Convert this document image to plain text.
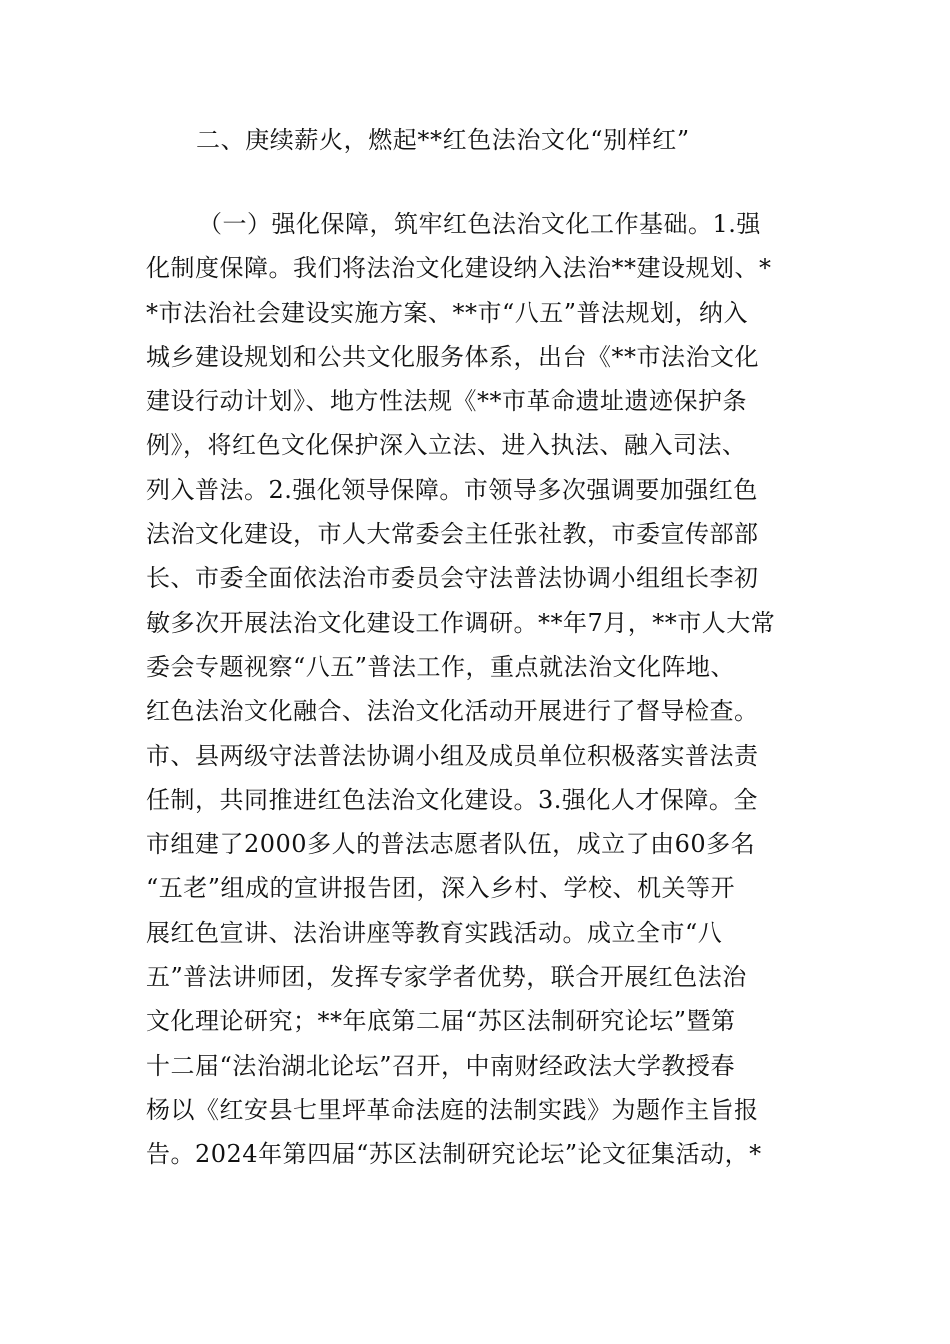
二、庚续薪火，燃起**红色法治文化“别样红”
（一）强化保障，筑牢红色法治文化工作基础。1.强
化制度保障。我们将法治文化建设纳入法治**建设规划、*
*市法治社会建设实施方案、**市“八五”普法规划，纳入
城乡建设规划和公共文化服务体系，出台《**市法治文化
建设行动计划》、地方性法规《**市革命遗址遗迹保护条
例》，将红色文化保护深入立法、进入执法、融入司法、
列入普法。2.强化领导保障。市领导多次强调要加强红色
法治文化建设，市人大常委会主任张社教，市委宣传部部
长、市委全面依法治市委员会守法普法协调小组组长李初
敏多次开展法治文化建设工作调研。**年7月，**市人大常
委会专题视察“八五”普法工作，重点就法治文化阵地、
红色法治文化融合、法治文化活动开展进行了督导检查。
市、县两级守法普法协调小组及成员单位积极落实普法责
任制，共同推进红色法治文化建设。3.强化人才保障。全
市组建了2000多人的普法志愿者队伍，成立了由60多名
“五老”组成的宣讲报告团，深入乡村、学校、机关等开
展红色宣讲、法治讲座等教育实践活动。成立全市“八
五”普法讲师团，发挥专家学者优势，联合开展红色法治
文化理论研究；**年底第二届“苏区法制研究论坛”暨第
十二届“法治湖北论坛”召开，中南财经政法大学教授春
杨以《红安县七里坪革命法庭的法制实践》为题作主旨报
告。2024年第四届“苏区法制研究论坛”论文征集活动，*
